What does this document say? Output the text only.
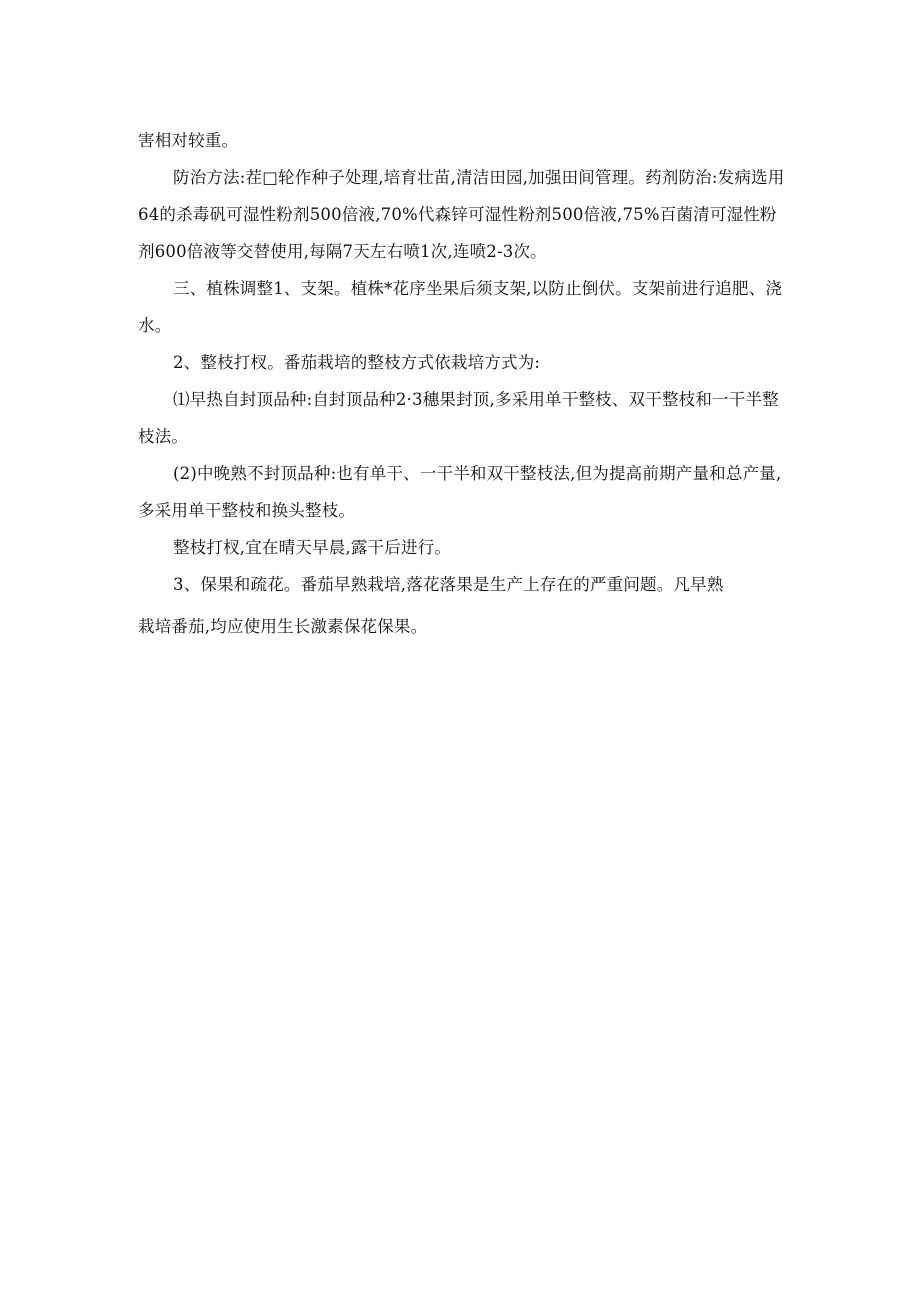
害相对较重。

防治方法:茬□轮作种子处理,培育壮苗,清洁田园,加强田间管理。药剂防治:发病选用64的杀毒矾可湿性粉剂500倍液,70%代森锌可湿性粉剂500倍液,75%百菌清可湿性粉剂600倍液等交替使用,每隔7天左右喷1次,连喷2-3次。

三、植株调整1、支架。植株*花序坐果后须支架,以防止倒伏。支架前进行追肥、浇水。

2、整枝打杈。番茄栽培的整枝方式依栽培方式为:

⑴早热自封顶品种:自封顶品种2·3穗果封顶,多采用单干整枝、双干整枝和一干半整枝法。

(2)中晚熟不封顶品种:也有单干、一干半和双干整枝法,但为提高前期产量和总产量,多采用单干整枝和换头整枝。

整枝打杈,宜在晴天早晨,露干后进行。

3、保果和疏花。番茄早熟栽培,落花落果是生产上存在的严重问题。凡早熟

栽培番茄,均应使用生长激素保花保果。
